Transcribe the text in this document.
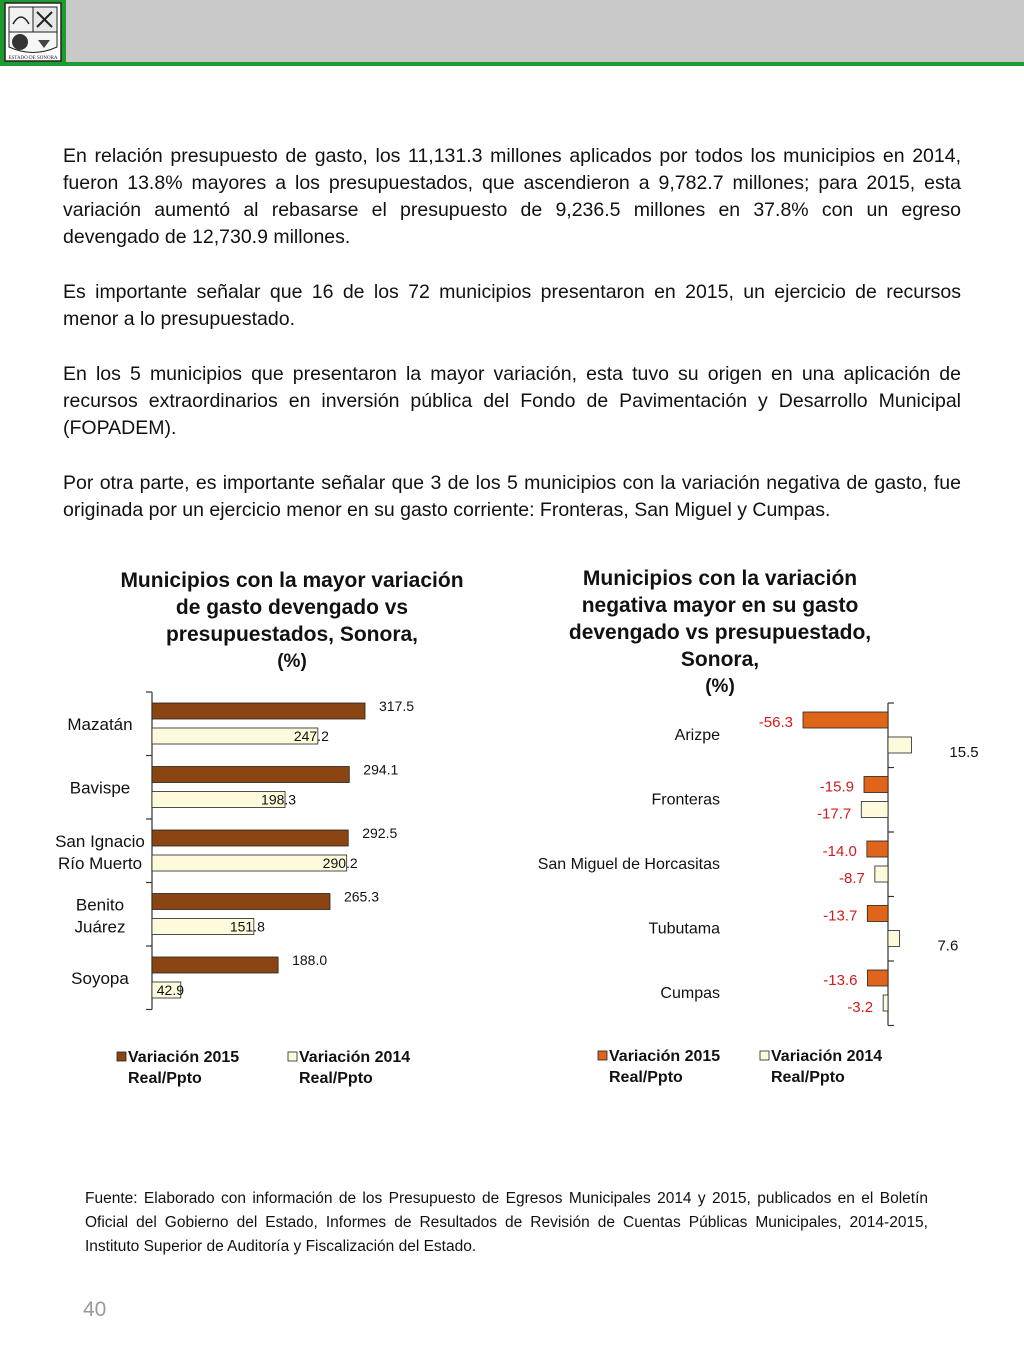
ESTADO DE SONORA

En relación presupuesto de gasto, los 11,131.3 millones aplicados por todos los municipios en 2014, fueron 13.8% mayores a los presupuestados, que ascendieron a 9,782.7 millones; para 2015, esta variación aumentó al rebasarse el presupuesto de 9,236.5 millones en 37.8% con un egreso devengado de 12,730.9 millones.

Es importante señalar que 16 de los 72 municipios presentaron en 2015, un ejercicio de recursos menor a lo presupuestado.

En los 5 municipios que presentaron la mayor variación, esta tuvo su origen en una aplicación de recursos extraordinarios en inversión pública del Fondo de Pavimentación y Desarrollo Municipal (FOPADEM).

Por otra parte, es importante señalar que 3 de los 5 municipios con la variación negativa de gasto, fue originada por un ejercicio menor en su gasto corriente: Fronteras, San Miguel y Cumpas.

Municipios con la mayor variación
de gasto devengado vs
presupuestados, Sonora,
(%)
Municipios con la variación
negativa mayor en su gasto
devengado vs presupuestado,
Sonora,
(%)
317.5
247.2
Mazatán
294.1
198.3
Bavispe
292.5
290.2
San Ignacio
Río Muerto
265.3
151.8
Benito
Juárez
188.0
42.9
Soyopa
-56.3
15.5
Arizpe
-15.9
-17.7
Fronteras
-14.0
-8.7
San Miguel de Horcasitas
-13.7
7.6
Tubutama
-13.6
-3.2
Cumpas
Variación 2015
Real/Ppto
Variación 2014
Real/Ppto
Variación 2015
Real/Ppto
Variación 2014
Real/Ppto
Fuente: Elaborado con información de los Presupuesto de Egresos Municipales 2014 y 2015, publicados en el Boletín Oficial del Gobierno del Estado, Informes de Resultados de Revisión de Cuentas Públicas Municipales, 2014-2015, Instituto Superior de Auditoría y Fiscalización del Estado.
40
